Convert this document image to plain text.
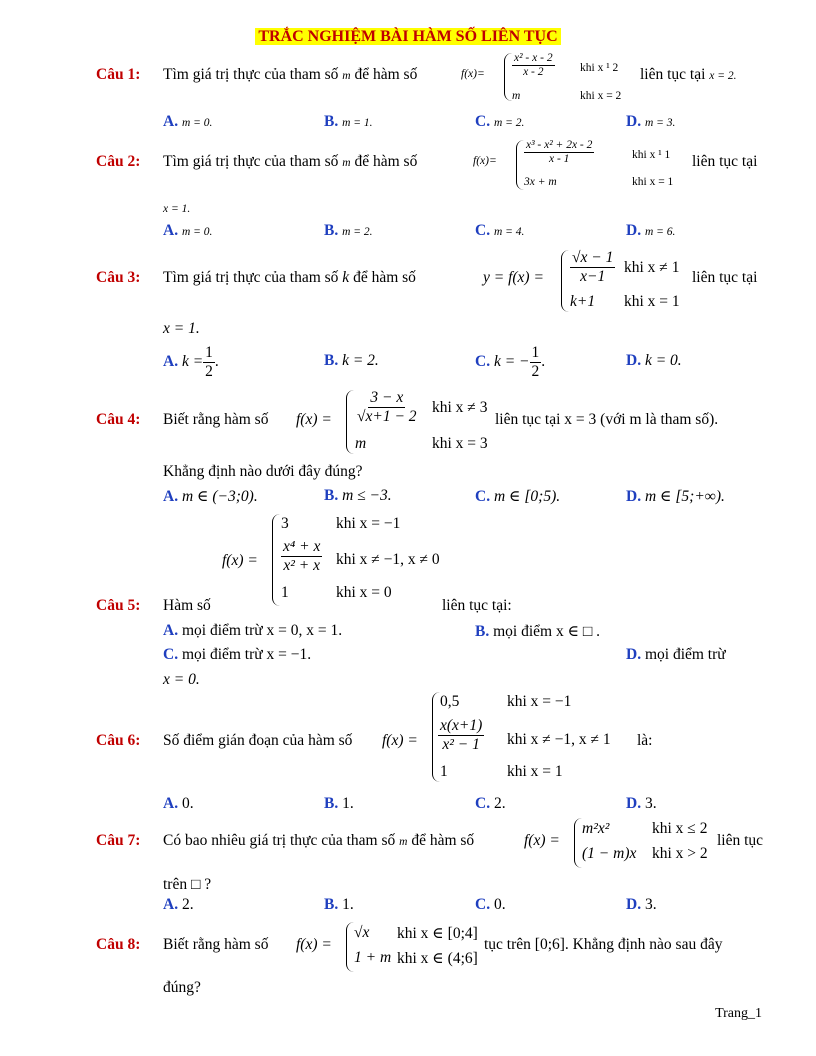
TRẮC NGHIỆM BÀI HÀM SỐ LIÊN TỤC
Câu 1: Tìm giá trị thực của tham số m để hàm số	$f(x)= \frac{\text{x² - x - 2}}{x - 2}$ khi x ¹ 2
m	khi x = 2
liên tục tại x = 2.
A. m = 0.	B. m = 1.	C. m = 2.	D. m = 3.
Câu 2: Tìm giá trị thực của tham số m để hàm số	$f(x)= \frac{\text{x³ - x² + 2x - 2}}{x - 1}$	khi x ¹ 1
3x + m	khi x = 1
liên tục tại
x = 1.
A. m = 0.	B. m = 2.	C. m = 4.	D. m = 6.
Câu 3: Tìm giá trị thực của tham số k để hàm số	$y = f(x) = \frac{√x - 1}{x-1}$ khi x ≠ 1
k+1 khi x = 1
liên tục tại
x = 1.
A. $k = \frac{1}{2}$ .	B. k = 2.	C. k = − $\frac{1}{2}$ .	D. k = 0.
Câu 4: Biết rằng hàm số $f(x) = \frac{3 - x}{√x+1 - 2}$ khi x ≠ 3
m	khi x = 3
liên tục tại x = 3 (với m là tham số).
Khẳng định nào dưới đây đúng?
A. m ∈ (−3;0).	B. m ≤ −3.	C. m ∈ [0;5).	D. m ∈ [5;+∞).
f(x) =
3	khi x = −1
$\frac{\text{x⁴ + x}}{\text{x² + x}}$ khi x ≠ −1, x ≠ 0
1	khi x = 0
Câu 5: Hàm số	liên tục tại:
A. mọi điểm trừ x = 0, x = 1.	B. mọi điểm x ∈ □ .
C. mọi điểm trừ x = −1.	D. mọi điểm trừ
x = 0.
Câu 6: Số điểm gián đoạn của hàm số f(x) =
0,5	khi x = −1
$\frac{x(x+1)}{\text{x² − 1}}$ khi x ≠ −1, x ≠ 1
1	khi x = 1
là:
A. 0.	B. 1.	C. 2.	D. 3.
Câu 7: Có bao nhiêu giá trị thực của tham số m để hàm số	f(x) =
m²x²	khi x ≤ 2
(1 − m)x khi x > 2
liên tục
trên □ ?
A. 2.	B. 1.	C. 0.	D. 3.
Câu 8: Biết rằng hàm số f(x) =
√x khi x ∈ [0;4]
1 + m khi x ∈ (4;6]
tục trên [0;6]. Khẳng định nào sau đây
đúng?
Trang_1
